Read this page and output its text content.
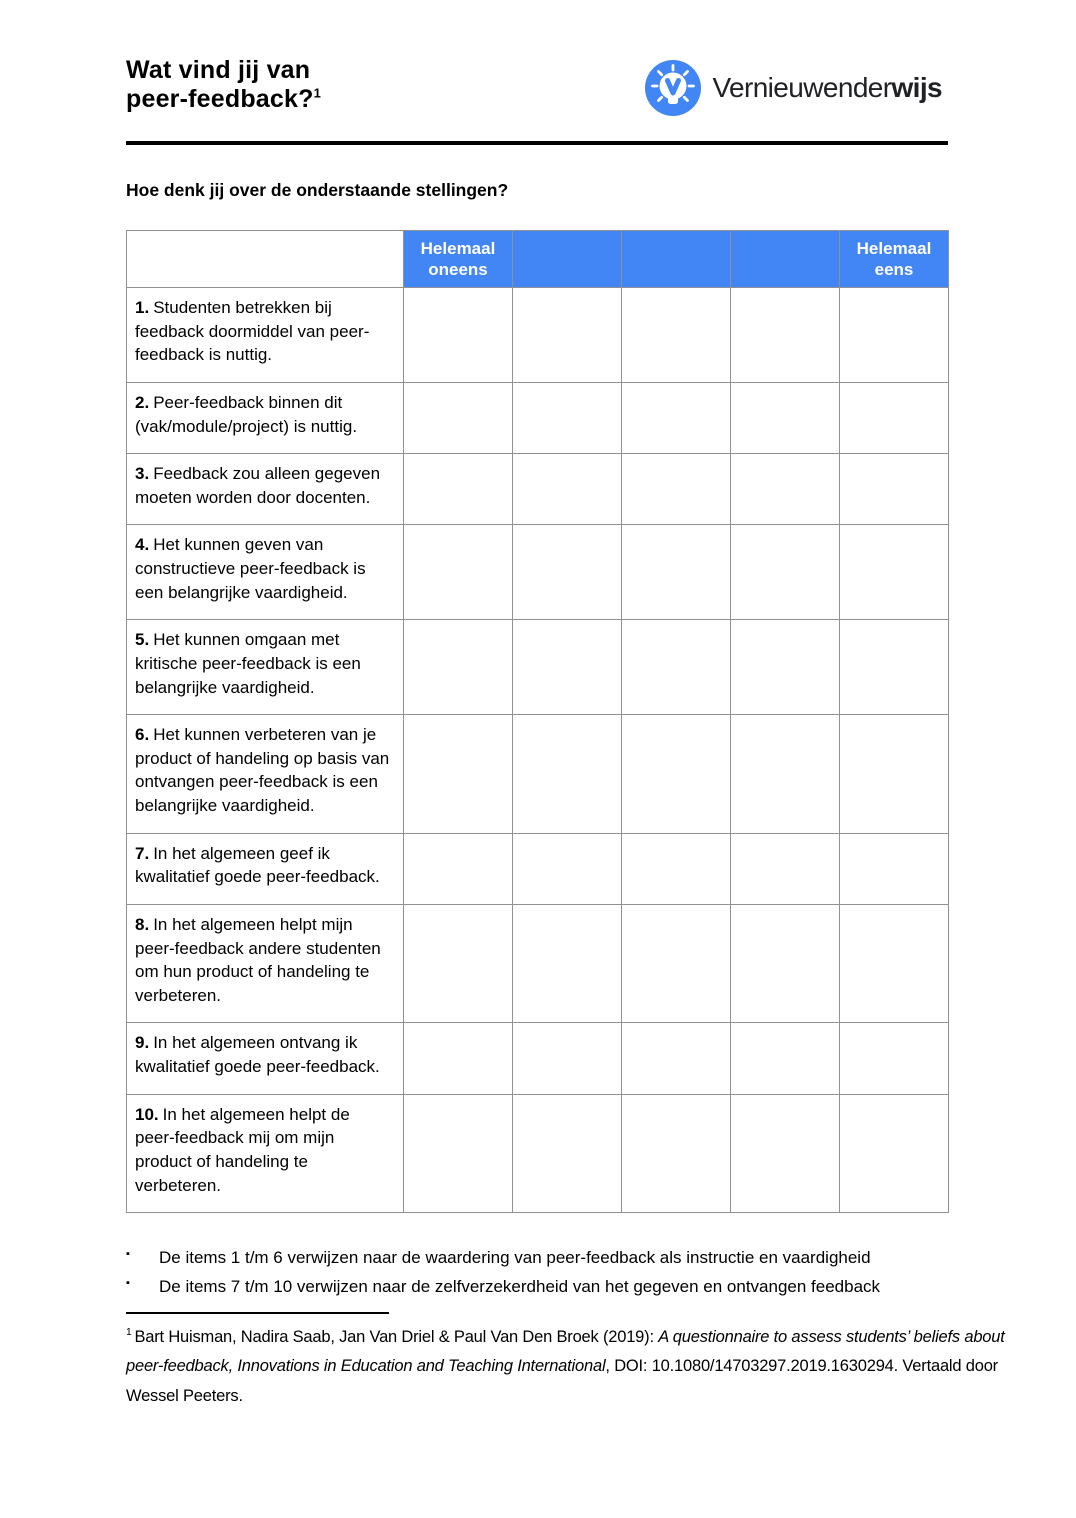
Wat vind jij van
peer-feedback?$^1$	Vernieuwenderwijs
Hoe denk jij over de onderstaande stellingen?
	Helemaal oneens				Helemaal eens
1. Studenten betrekken bij feedback doormiddel van peer-feedback is nuttig.					
2. Peer-feedback binnen dit (vak/module/project) is nuttig.					
3. Feedback zou alleen gegeven moeten worden door docenten.					
4. Het kunnen geven van constructieve peer-feedback is een belangrijke vaardigheid.					
5. Het kunnen omgaan met kritische peer-feedback is een belangrijke vaardigheid.					
6. Het kunnen verbeteren van je product of handeling op basis van ontvangen peer-feedback is een belangrijke vaardigheid.					
7. In het algemeen geef ik kwalitatief goede peer-feedback.					
8. In het algemeen helpt mijn peer-feedback andere studenten om hun product of handeling te verbeteren.					
9. In het algemeen ontvang ik kwalitatief goede peer-feedback.					
10. In het algemeen helpt de peer-feedback mij om mijn product of handeling te verbeteren.					
▪	De items 1 t/m 6 verwijzen naar de waardering van peer-feedback als instructie en vaardigheid
▪	De items 7 t/m 10 verwijzen naar de zelfverzekerdheid van het gegeven en ontvangen feedback

$^1$ Bart Huisman, Nadira Saab, Jan Van Driel & Paul Van Den Broek (2019): A questionnaire to assess students’ beliefs about peer-feedback, Innovations in Education and Teaching International, DOI: 10.1080/14703297.2019.1630294. Vertaald door Wessel Peeters.
